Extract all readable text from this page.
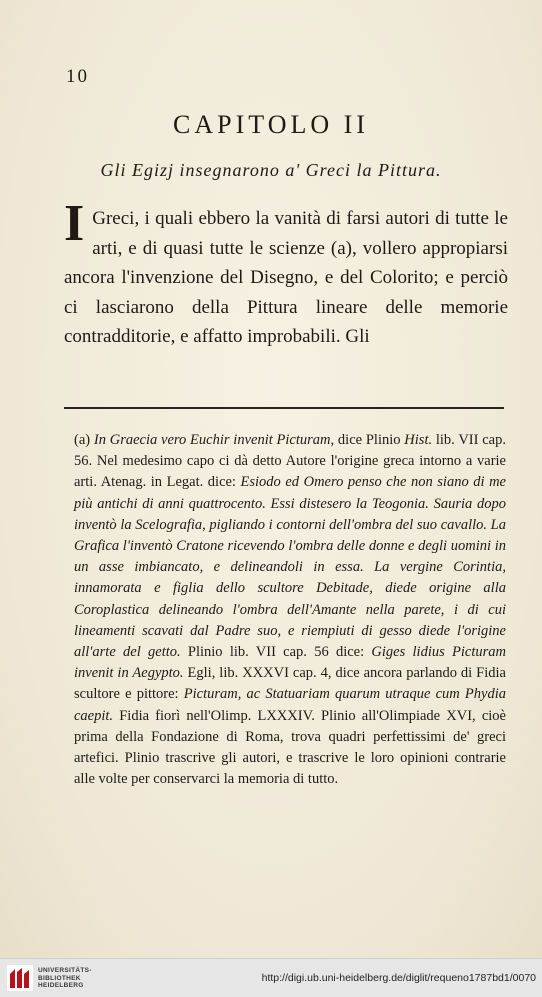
10

CAPITOLO II

Gli Egizj insegnarono a' Greci la Pittura.

I Greci, i quali ebbero la vanità di farsi autori di tutte le arti, e di quasi tutte le scienze (a), vollero appropiarsi ancora l'invenzione del Disegno, e del Colorito; e perciò ci lasciarono della Pittura lineare delle memorie contradditorie, e affatto improbabili. Gli

(a) In Graecia vero Euchir invenit Picturam, dice Plinio Hist. lib. VII cap. 56. Nel medesimo capo ci dà detto Autore l'origine greca intorno a varie arti. Atenag. in Legat. dice: Esiodo ed Omero penso che non siano di me più antichi di anni quattrocento. Essi distesero la Teogonia. Sauria dopo inventò la Scelografia, pigliando i contorni dell'ombra del suo cavallo. La Grafica l'inventò Cratone ricevendo l'ombra delle donne e degli uomini in un asse imbiancato, e delineandoli in essa. La vergine Corintia, innamorata e figlia dello scultore Debitade, diede origine alla Coroplastica delineando l'ombra dell'Amante nella parete, i di cui lineamenti scavati dal Padre suo, e riempiuti di gesso diede l'origine all'arte del getto. Plinio lib. VII cap. 56 dice: Giges lidius Picturam invenit in Aegypto. Egli, lib. XXXVI cap. 4, dice ancora parlando di Fidia scultore e pittore: Picturam, ac Statuariam quarum utraque cum Phydia caepit. Fidia fiorì nell'Olimp. LXXXIV. Plinio all'Olimpiade XVI, cioè prima della Fondazione di Roma, trova quadri perfettissimi de' greci artefici. Plinio trascrive gli autori, e trascrive le loro opinioni contrarie alle volte per conservarci la memoria di tutto.

UNIVERSITÄTS-
BIBLIOTHEK
HEIDELBERG
http://digi.ub.uni-heidelberg.de/diglit/requeno1787bd1/0070
